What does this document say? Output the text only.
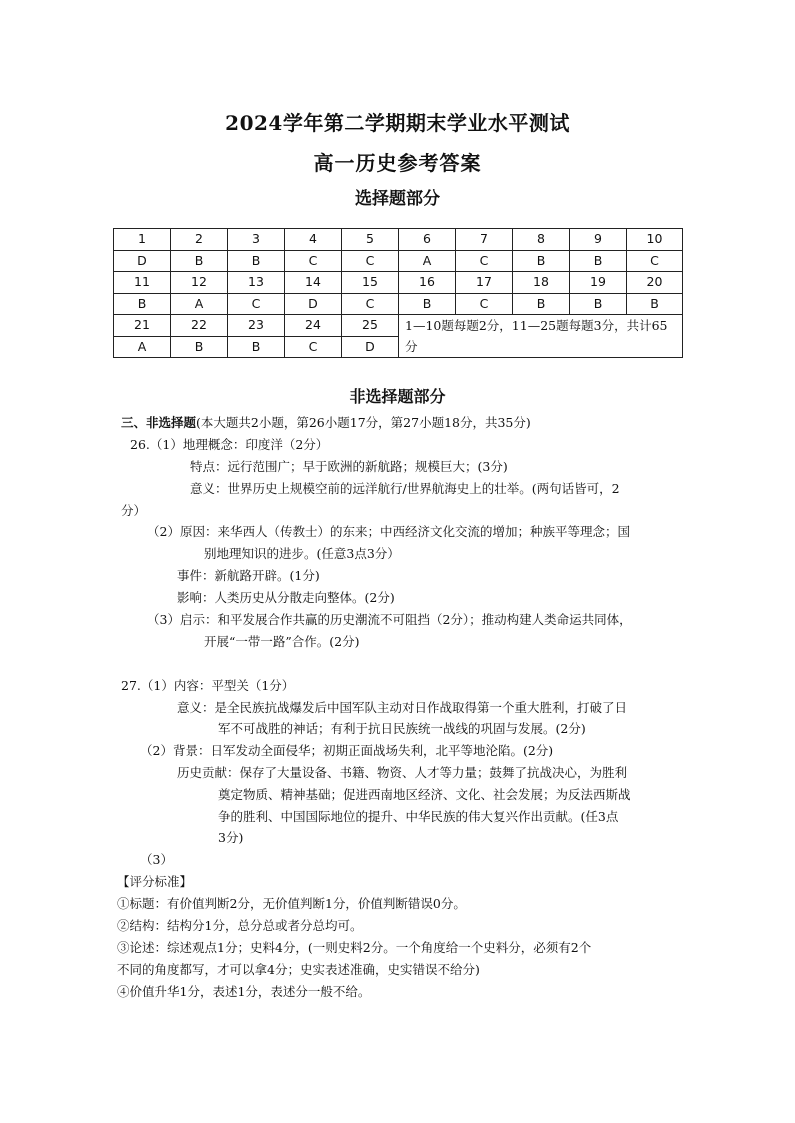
2024学年第二学期期末学业水平测试
高一历史参考答案
选择题部分
1	2	3	4	5	6	7	8	9	10
D	B	B	C	C	A	C	B	B	C
11	12	13	14	15	16	17	18	19	20
B	A	C	D	C	B	C	B	B	B
21	22	23	24	25	1—10题每题2分，11—25题每题3分，共计65分				
A	B	B	C	D					
非选择题部分
三、非选择题(本大题共2小题，第26小题17分，第27小题18分，共35分)
26.（1）地理概念：印度洋（2分）
特点：远行范围广；早于欧洲的新航路；规模巨大；(3分)
意义：世界历史上规模空前的远洋航行/世界航海史上的壮举。(两句话皆可，2
分）
（2）原因：来华西人（传教士）的东来；中西经济文化交流的增加；种族平等理念；国
别地理知识的进步。(任意3点3分）
事件：新航路开辟。(1分)
影响：人类历史从分散走向整体。(2分)
（3）启示：和平发展合作共赢的历史潮流不可阻挡（2分）；推动构建人类命运共同体，
开展“一带一路”合作。(2分)
27.（1）内容：平型关（1分）
意义：是全民族抗战爆发后中国军队主动对日作战取得第一个重大胜利，打破了日
军不可战胜的神话；有利于抗日民族统一战线的巩固与发展。(2分)
（2）背景：日军发动全面侵华；初期正面战场失利，北平等地沦陷。(2分)
历史贡献：保存了大量设备、书籍、物资、人才等力量；鼓舞了抗战决心，为胜利
奠定物质、精神基础；促进西南地区经济、文化、社会发展；为反法西斯战
争的胜利、中国国际地位的提升、中华民族的伟大复兴作出贡献。(任3点
3分)
（3）
【评分标准】
①标题：有价值判断2分，无价值判断1分，价值判断错误0分。
②结构：结构分1分，总分总或者分总均可。
③论述：综述观点1分；史料4分，(一则史料2分。一个角度给一个史料分，必须有2个
不同的角度都写，才可以拿4分；史实表述准确，史实错误不给分)
④价值升华1分，表述1分，表述分一般不给。
